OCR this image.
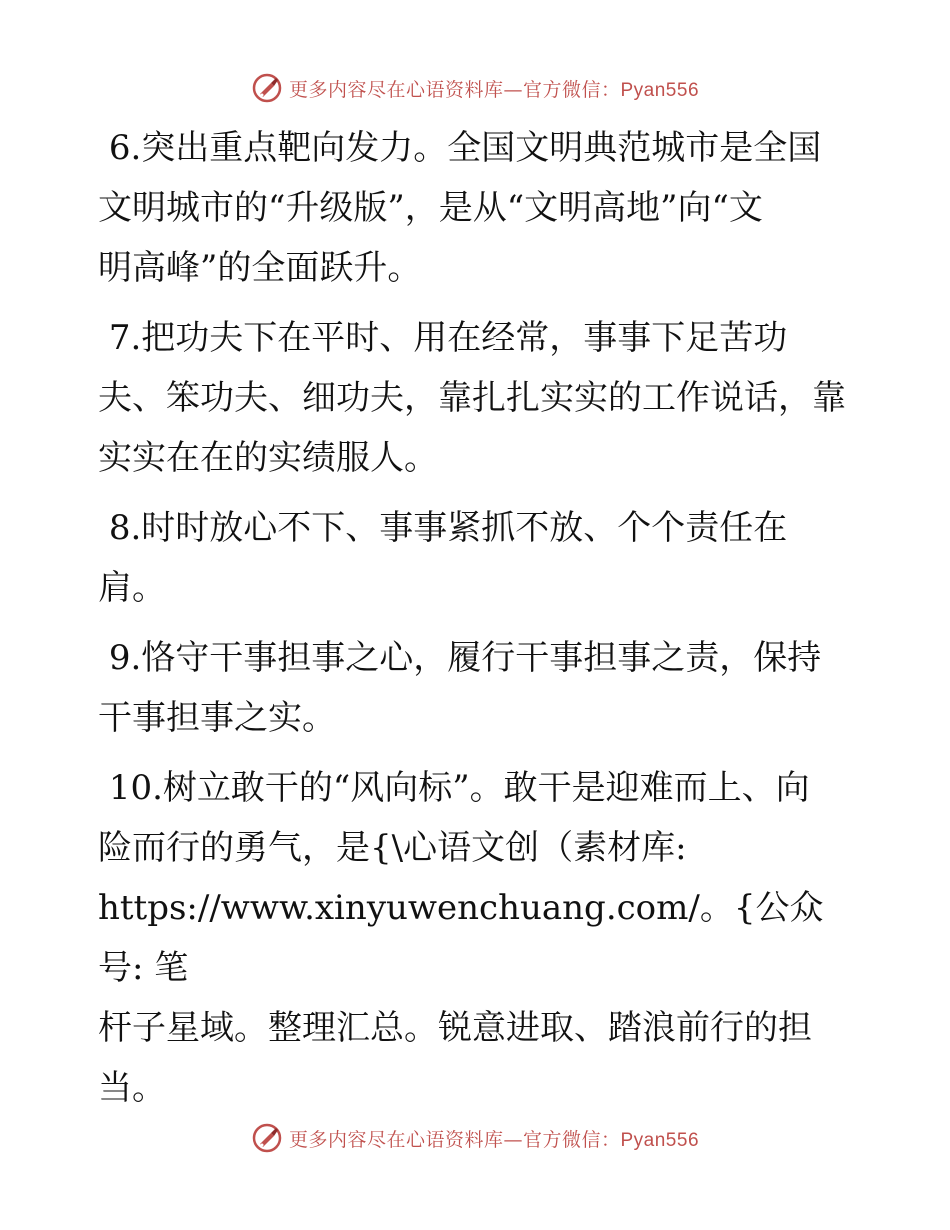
更多内容尽在心语资料库—官方微信：Pyan556
6.突出重点靶向发力。全国文明典范城市是全国
文明城市的“升级版”，是从“文明高地”向“文
明高峰”的全面跃升。
7.把功夫下在平时、用在经常，事事下足苦功
夫、笨功夫、细功夫，靠扎扎实实的工作说话，靠
实实在在的实绩服人。
8.时时放心不下、事事紧抓不放、个个责任在
肩。
9.恪守干事担事之心，履行干事担事之责，保持
干事担事之实。
10.树立敢干的“风向标”。敢干是迎难而上、向
险而行的勇气，是{\心语文创（素材库:
https://www.xinyuwenchuang.com/。{公众号: 笔
杆子星域。整理汇总。锐意进取、踏浪前行的担
当。
更多内容尽在心语资料库—官方微信：Pyan556
